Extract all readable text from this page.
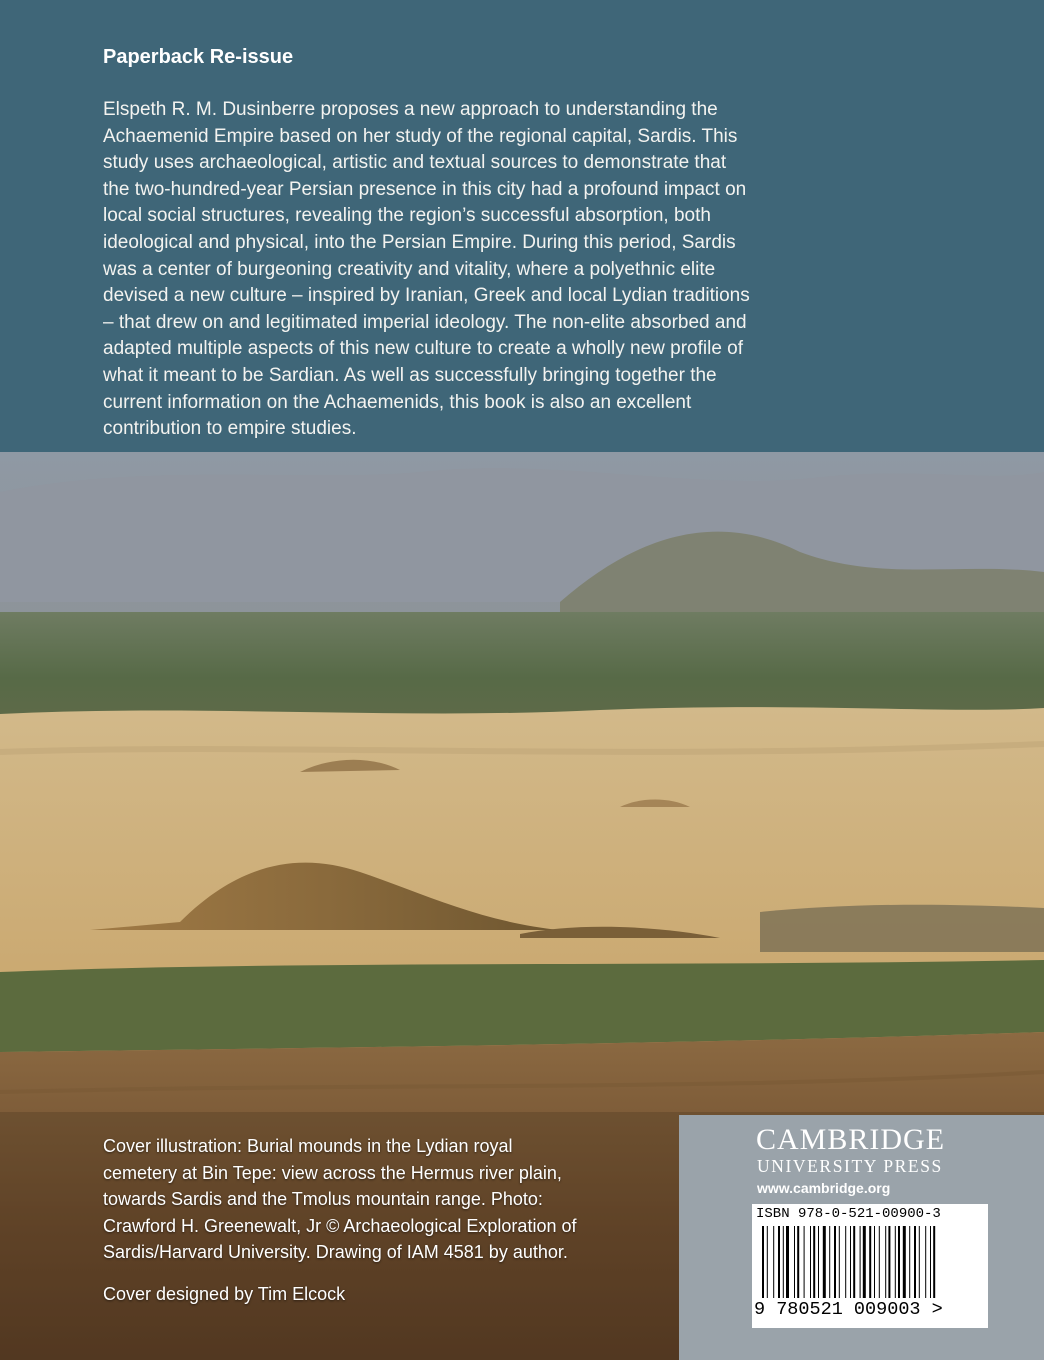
Paperback Re-issue
Elspeth R. M. Dusinberre proposes a new approach to understanding the
Achaemenid Empire based on her study of the regional capital, Sardis. This
study uses archaeological, artistic and textual sources to demonstrate that
the two-hundred-year Persian presence in this city had a profound impact on
local social structures, revealing the region’s successful absorption, both
ideological and physical, into the Persian Empire. During this period, Sardis
was a center of burgeoning creativity and vitality, where a polyethnic elite
devised a new culture – inspired by Iranian, Greek and local Lydian traditions
– that drew on and legitimated imperial ideology. The non-elite absorbed and
adapted multiple aspects of this new culture to create a wholly new profile of
what it meant to be Sardian. As well as successfully bringing together the
current information on the Achaemenids, this book is also an excellent
contribution to empire studies.
Cover illustration: Burial mounds in the Lydian royal
cemetery at Bin Tepe: view across the Hermus river plain,
towards Sardis and the Tmolus mountain range. Photo:
Crawford H. Greenewalt, Jr © Archaeological Exploration of
Sardis/Harvard University. Drawing of IAM 4581 by author.
Cover designed by Tim Elcock
CAMBRIDGE
UNIVERSITY PRESS
www.cambridge.org
ISBN 978-0-521-00900-3
9 780521 009003 >
